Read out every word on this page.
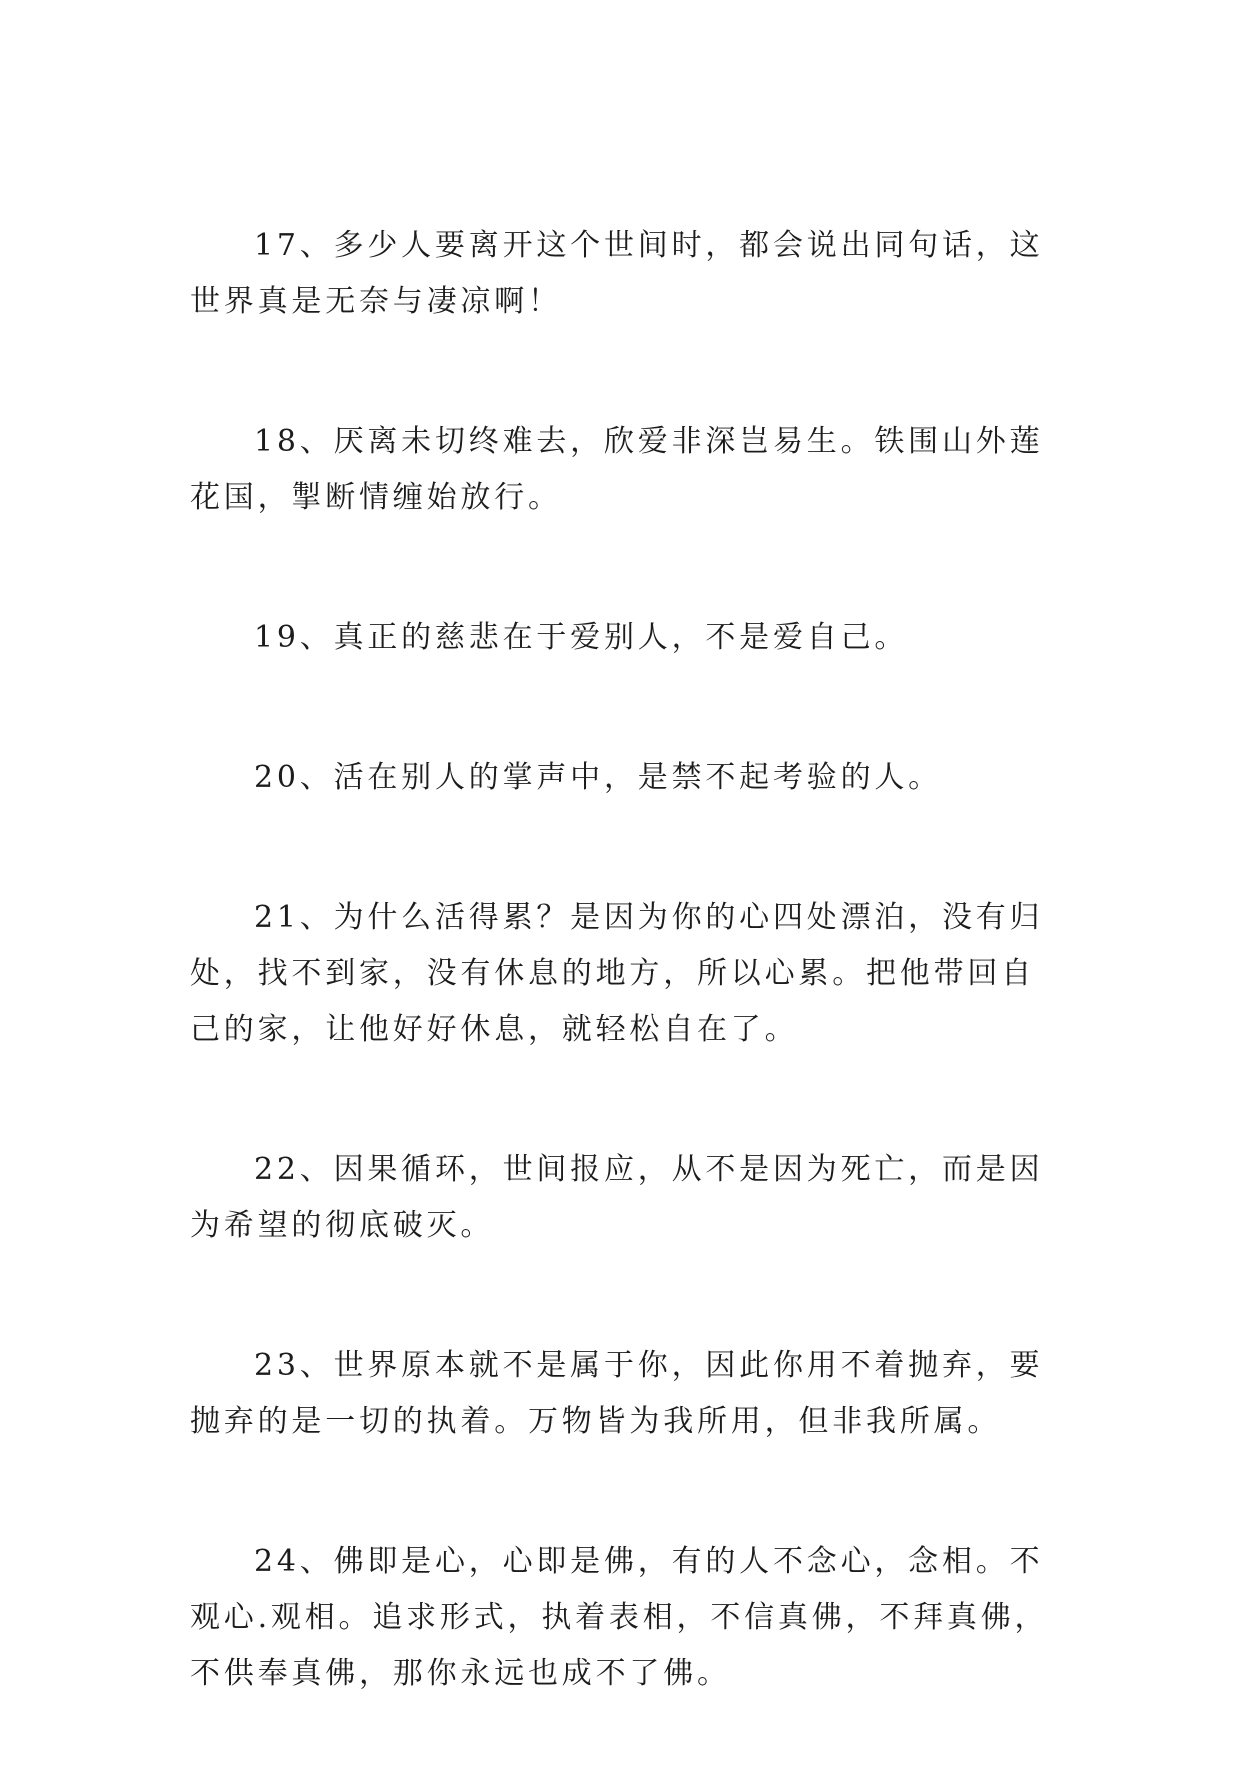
17、多少人要离开这个世间时，都会说出同句话，这世界真是无奈与凄凉啊！

18、厌离未切终难去，欣爱非深岂易生。铁围山外莲花国，掣断情缠始放行。

19、真正的慈悲在于爱别人，不是爱自己。

20、活在别人的掌声中，是禁不起考验的人。

21、为什么活得累？是因为你的心四处漂泊，没有归处，找不到家，没有休息的地方，所以心累。把他带回自己的家，让他好好休息，就轻松自在了。

22、因果循环，世间报应，从不是因为死亡，而是因为希望的彻底破灭。

23、世界原本就不是属于你，因此你用不着抛弃，要抛弃的是一切的执着。万物皆为我所用，但非我所属。

24、佛即是心，心即是佛，有的人不念心，念相。不观心.观相。追求形式，执着表相，不信真佛，不拜真佛，不供奉真佛，那你永远也成不了佛。
